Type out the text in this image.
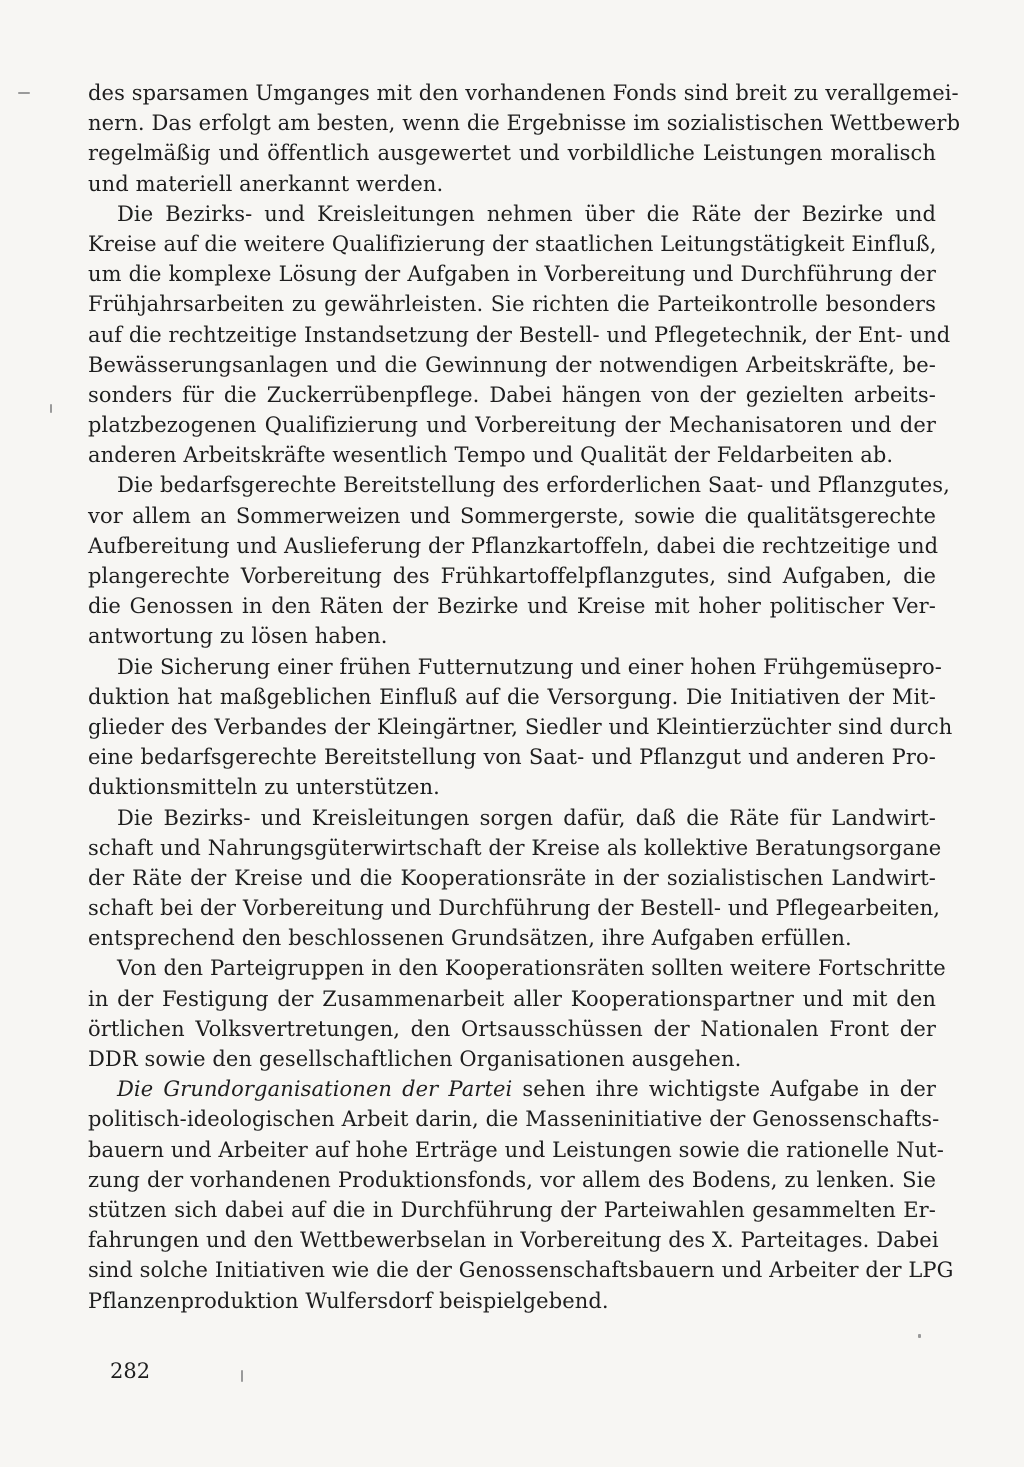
des sparsamen Umganges mit den vorhandenen Fonds sind breit zu verallgemei-
nern. Das erfolgt am besten, wenn die Ergebnisse im sozialistischen Wettbewerb
regelmäßig und öffentlich ausgewertet und vorbildliche Leistungen moralisch
und materiell anerkannt werden.

Die Bezirks- und Kreisleitungen nehmen über die Räte der Bezirke und
Kreise auf die weitere Qualifizierung der staatlichen Leitungstätigkeit Einfluß,
um die komplexe Lösung der Aufgaben in Vorbereitung und Durchführung der
Frühjahrsarbeiten zu gewährleisten. Sie richten die Parteikontrolle besonders
auf die rechtzeitige Instandsetzung der Bestell- und Pflegetechnik, der Ent- und
Bewässerungsanlagen und die Gewinnung der notwendigen Arbeitskräfte, be-
sonders für die Zuckerrübenpflege. Dabei hängen von der gezielten arbeits-
platzbezogenen Qualifizierung und Vorbereitung der Mechanisatoren und der
anderen Arbeitskräfte wesentlich Tempo und Qualität der Feldarbeiten ab.

Die bedarfsgerechte Bereitstellung des erforderlichen Saat- und Pflanzgutes,
vor allem an Sommerweizen und Sommergerste, sowie die qualitätsgerechte
Aufbereitung und Auslieferung der Pflanzkartoffeln, dabei die rechtzeitige und
plangerechte Vorbereitung des Frühkartoffelpflanzgutes, sind Aufgaben, die
die Genossen in den Räten der Bezirke und Kreise mit hoher politischer Ver-
antwortung zu lösen haben.

Die Sicherung einer frühen Futternutzung und einer hohen Frühgemüsepro-
duktion hat maßgeblichen Einfluß auf die Versorgung. Die Initiativen der Mit-
glieder des Verbandes der Kleingärtner, Siedler und Kleintierzüchter sind durch
eine bedarfsgerechte Bereitstellung von Saat- und Pflanzgut und anderen Pro-
duktionsmitteln zu unterstützen.

Die Bezirks- und Kreisleitungen sorgen dafür, daß die Räte für Landwirt-
schaft und Nahrungsgüterwirtschaft der Kreise als kollektive Beratungsorgane
der Räte der Kreise und die Kooperationsräte in der sozialistischen Landwirt-
schaft bei der Vorbereitung und Durchführung der Bestell- und Pflegearbeiten,
entsprechend den beschlossenen Grundsätzen, ihre Aufgaben erfüllen.

Von den Parteigruppen in den Kooperationsräten sollten weitere Fortschritte
in der Festigung der Zusammenarbeit aller Kooperationspartner und mit den
örtlichen Volksvertretungen, den Ortsausschüssen der Nationalen Front der
DDR sowie den gesellschaftlichen Organisationen ausgehen.

Die Grundorganisationen der Partei sehen ihre wichtigste Aufgabe in der
politisch-ideologischen Arbeit darin, die Masseninitiative der Genossenschafts-
bauern und Arbeiter auf hohe Erträge und Leistungen sowie die rationelle Nut-
zung der vorhandenen Produktionsfonds, vor allem des Bodens, zu lenken. Sie
stützen sich dabei auf die in Durchführung der Parteiwahlen gesammelten Er-
fahrungen und den Wettbewerbselan in Vorbereitung des X. Parteitages. Dabei
sind solche Initiativen wie die der Genossenschaftsbauern und Arbeiter der LPG
Pflanzenproduktion Wulfersdorf beispielgebend.

282
